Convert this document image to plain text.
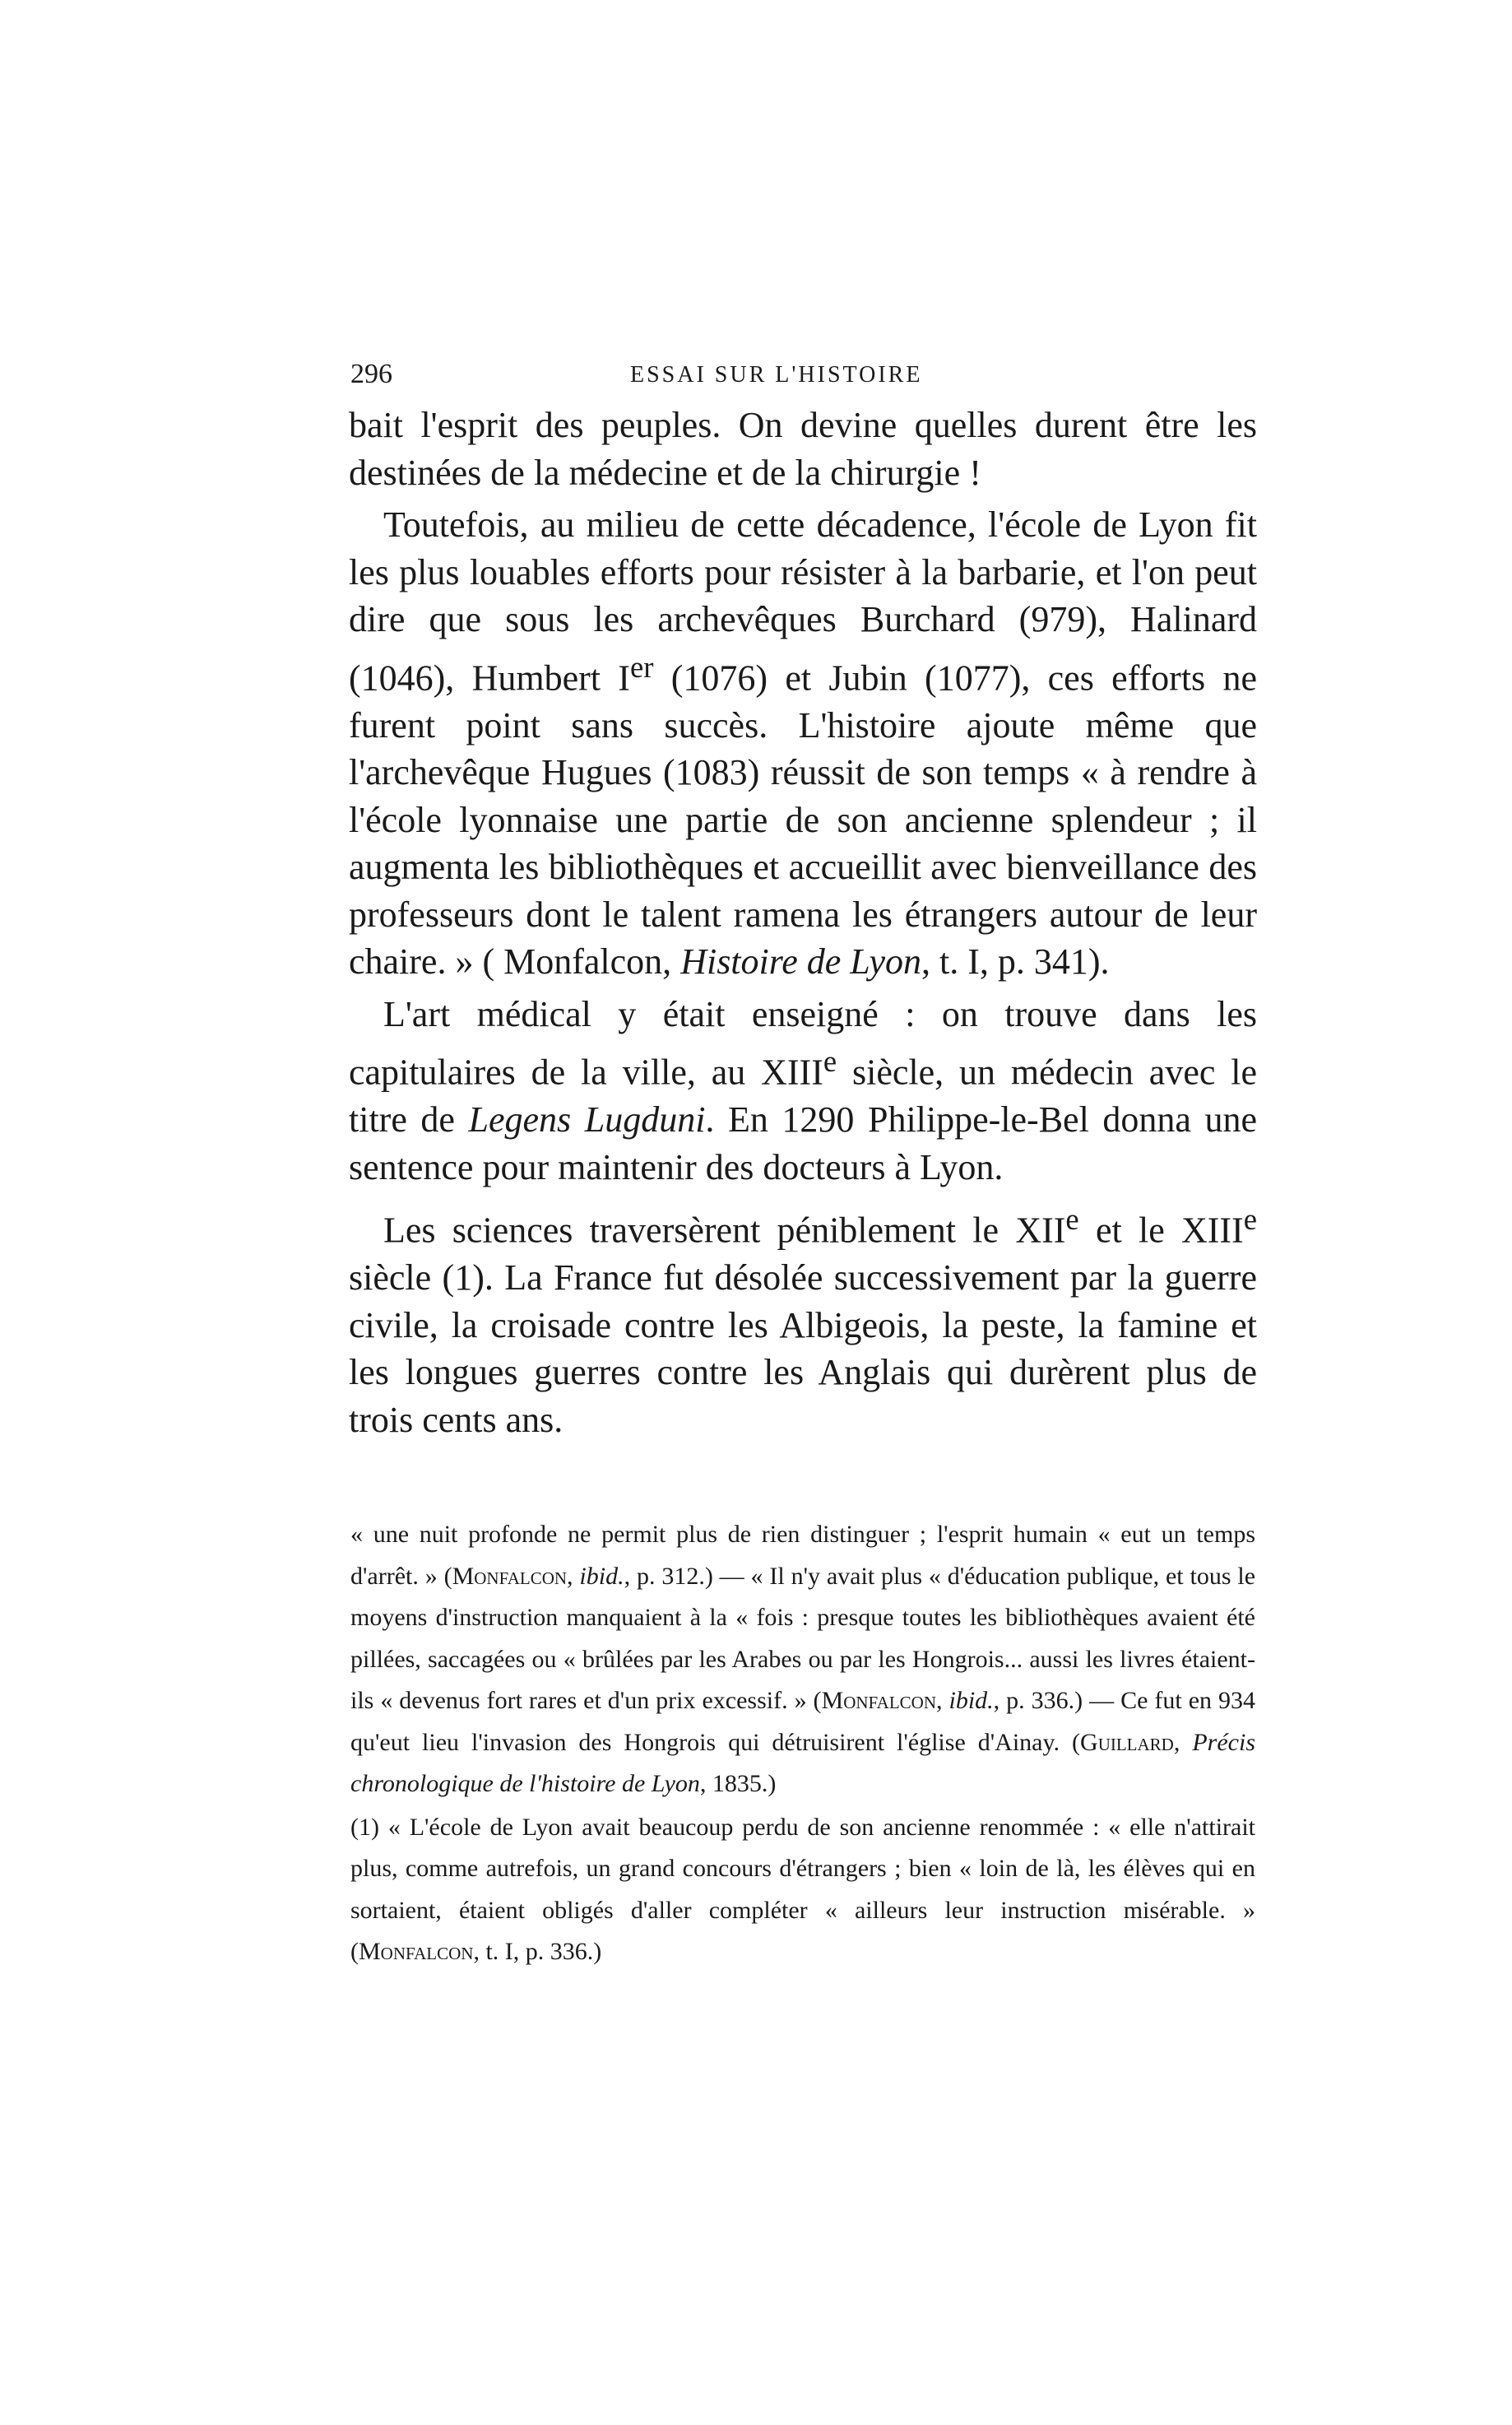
296	ESSAI SUR L'HISTOIRE

bait l'esprit des peuples. On devine quelles durent être les destinées de la médecine et de la chirurgie !

Toutefois, au milieu de cette décadence, l'école de Lyon fit les plus louables efforts pour résister à la barbarie, et l'on peut dire que sous les archevêques Burchard (979), Halinard (1046), Humbert Ier (1076) et Jubin (1077), ces efforts ne furent point sans succès. L'histoire ajoute même que l'archevêque Hugues (1083) réussit de son temps « à rendre à l'école lyonnaise une partie de son ancienne splendeur ; il augmenta les bibliothèques et accueillit avec bienveillance des professeurs dont le talent ramena les étrangers autour de leur chaire. » ( Monfalcon, Histoire de Lyon, t. I, p. 341).

L'art médical y était enseigné : on trouve dans les capitulaires de la ville, au XIIIe siècle, un médecin avec le titre de Legens Lugduni. En 1290 Philippe-le-Bel donna une sentence pour maintenir des docteurs à Lyon.

Les sciences traversèrent péniblement le XIIe et le XIIIe siècle (1). La France fut désolée successivement par la guerre civile, la croisade contre les Albigeois, la peste, la famine et les longues guerres contre les Anglais qui durèrent plus de trois cents ans.

« une nuit profonde ne permit plus de rien distinguer ; l'esprit humain « eut un temps d'arrêt. » (Monfalcon, ibid., p. 312.) — « Il n'y avait plus « d'éducation publique, et tous le moyens d'instruction manquaient à la « fois : presque toutes les bibliothèques avaient été pillées, saccagées ou « brûlées par les Arabes ou par les Hongrois... aussi les livres étaient-ils « devenus fort rares et d'un prix excessif. » (Monfalcon, ibid., p. 336.) — Ce fut en 934 qu'eut lieu l'invasion des Hongrois qui détruisirent l'église d'Ainay. (Guillard, Précis chronologique de l'histoire de Lyon, 1835.)

(1) « L'école de Lyon avait beaucoup perdu de son ancienne renommée : « elle n'attirait plus, comme autrefois, un grand concours d'étrangers ; bien « loin de là, les élèves qui en sortaient, étaient obligés d'aller compléter « ailleurs leur instruction misérable. » (Monfalcon, t. I, p. 336.)
